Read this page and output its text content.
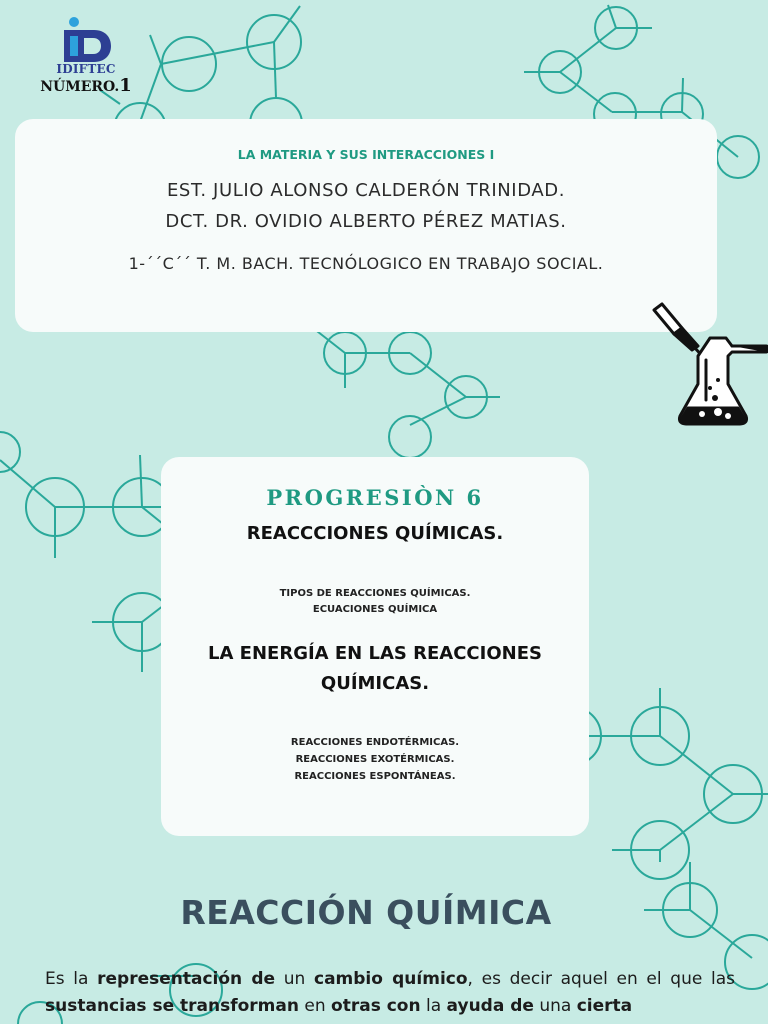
IDIFTEC
NÚMERO.1
LA MATERIA Y SUS INTERACCIONES I
EST. JULIO ALONSO CALDERÓN TRINIDAD.
DCT. DR. OVIDIO ALBERTO PÉREZ MATIAS.
1-´´C´´ T. M. BACH. TECNÓLOGICO EN TRABAJO SOCIAL.
PROGRESIÒN 6
REACCCIONES QUÍMICAS.
TIPOS DE REACCIONES QUÍMICAS.
ECUACIONES QUÍMICA
LA ENERGÍA EN LAS REACCIONES QUÍMICAS.
REACCIONES ENDOTÉRMICAS.
REACCIONES EXOTÉRMICAS.
REACCIONES ESPONTÁNEAS.
REACCIÓN QUÍMICA

Es la representación de un cambio químico, es decir aquel en el que las sustancias se transforman en otras con la ayuda de una cierta
